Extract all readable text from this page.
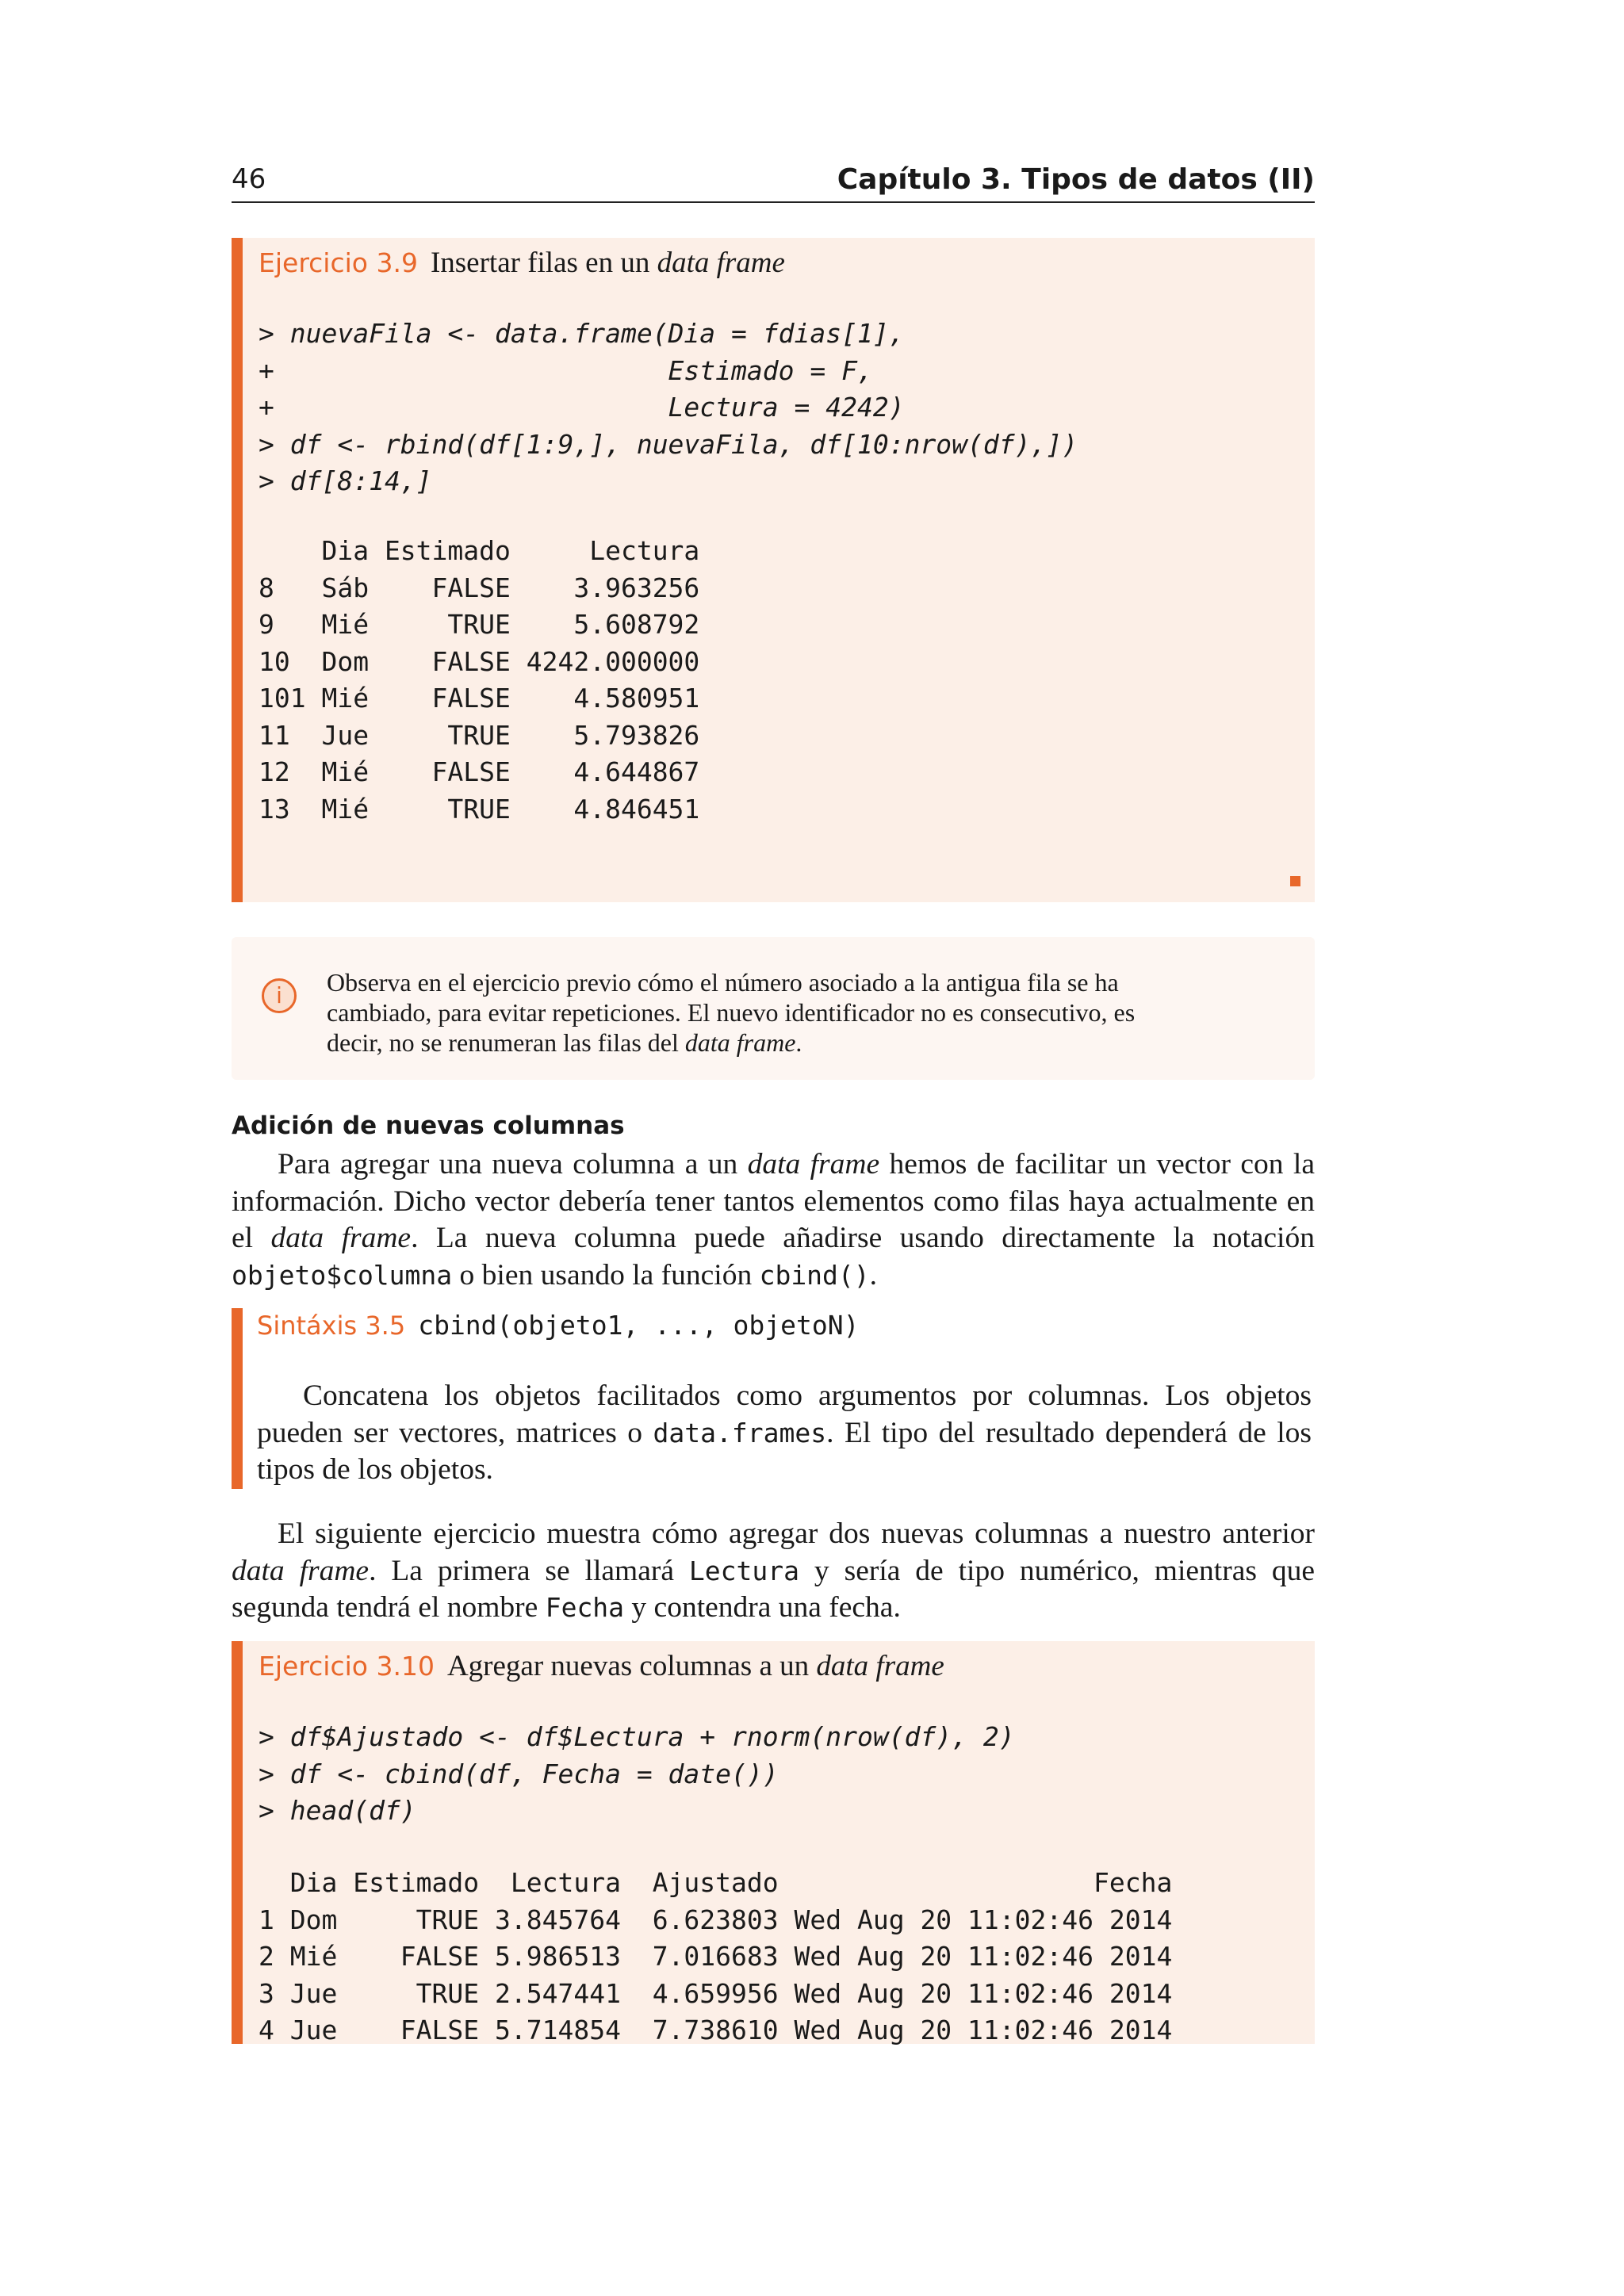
46	Capítulo 3. Tipos de datos (II)
Ejercicio 3.9 Insertar filas en un data frame
> nuevaFila <- data.frame(Dia = fdias[1],
+                         Estimado = F,
+                         Lectura = 4242)
> df <- rbind(df[1:9,], nuevaFila, df[10:nrow(df),])
> df[8:14,]
Dia Estimado     Lectura
8   Sáb    FALSE    3.963256
9   Mié     TRUE    5.608792
10  Dom    FALSE 4242.000000
101 Mié    FALSE    4.580951
11  Jue     TRUE    5.793826
12  Mié    FALSE    4.644867
13  Mié     TRUE    4.846451
i	Observa en el ejercicio previo cómo el número asociado a la antigua fila se ha

cambiado, para evitar repeticiones. El nuevo identificador no es consecutivo, es

decir, no se renumeran las filas del data frame.

Adición de nuevas columnas

Para agregar una nueva columna a un data frame hemos de facilitar un vector con la información. Dicho vector debería tener tantos elementos como filas haya actualmente en el data frame. La nueva columna puede añadirse usando directamente la notación objeto$columna o bien usando la función cbind().

Sintáxis 3.5 cbind(objeto1, ..., objetoN)

Concatena los objetos facilitados como argumentos por columnas. Los objetos pueden ser vectores, matrices o data.frames. El tipo del resultado dependerá de los tipos de los objetos.

El siguiente ejercicio muestra cómo agregar dos nuevas columnas a nuestro anterior data frame. La primera se llamará Lectura y sería de tipo numérico, mientras que segunda tendrá el nombre Fecha y contendra una fecha.

Ejercicio 3.10 Agregar nuevas columnas a un data frame
> df$Ajustado <- df$Lectura + rnorm(nrow(df), 2)
> df <- cbind(df, Fecha = date())
> head(df)
Dia Estimado  Lectura  Ajustado                    Fecha
1 Dom     TRUE 3.845764  6.623803 Wed Aug 20 11:02:46 2014
2 Mié    FALSE 5.986513  7.016683 Wed Aug 20 11:02:46 2014
3 Jue     TRUE 2.547441  4.659956 Wed Aug 20 11:02:46 2014
4 Jue    FALSE 5.714854  7.738610 Wed Aug 20 11:02:46 2014
